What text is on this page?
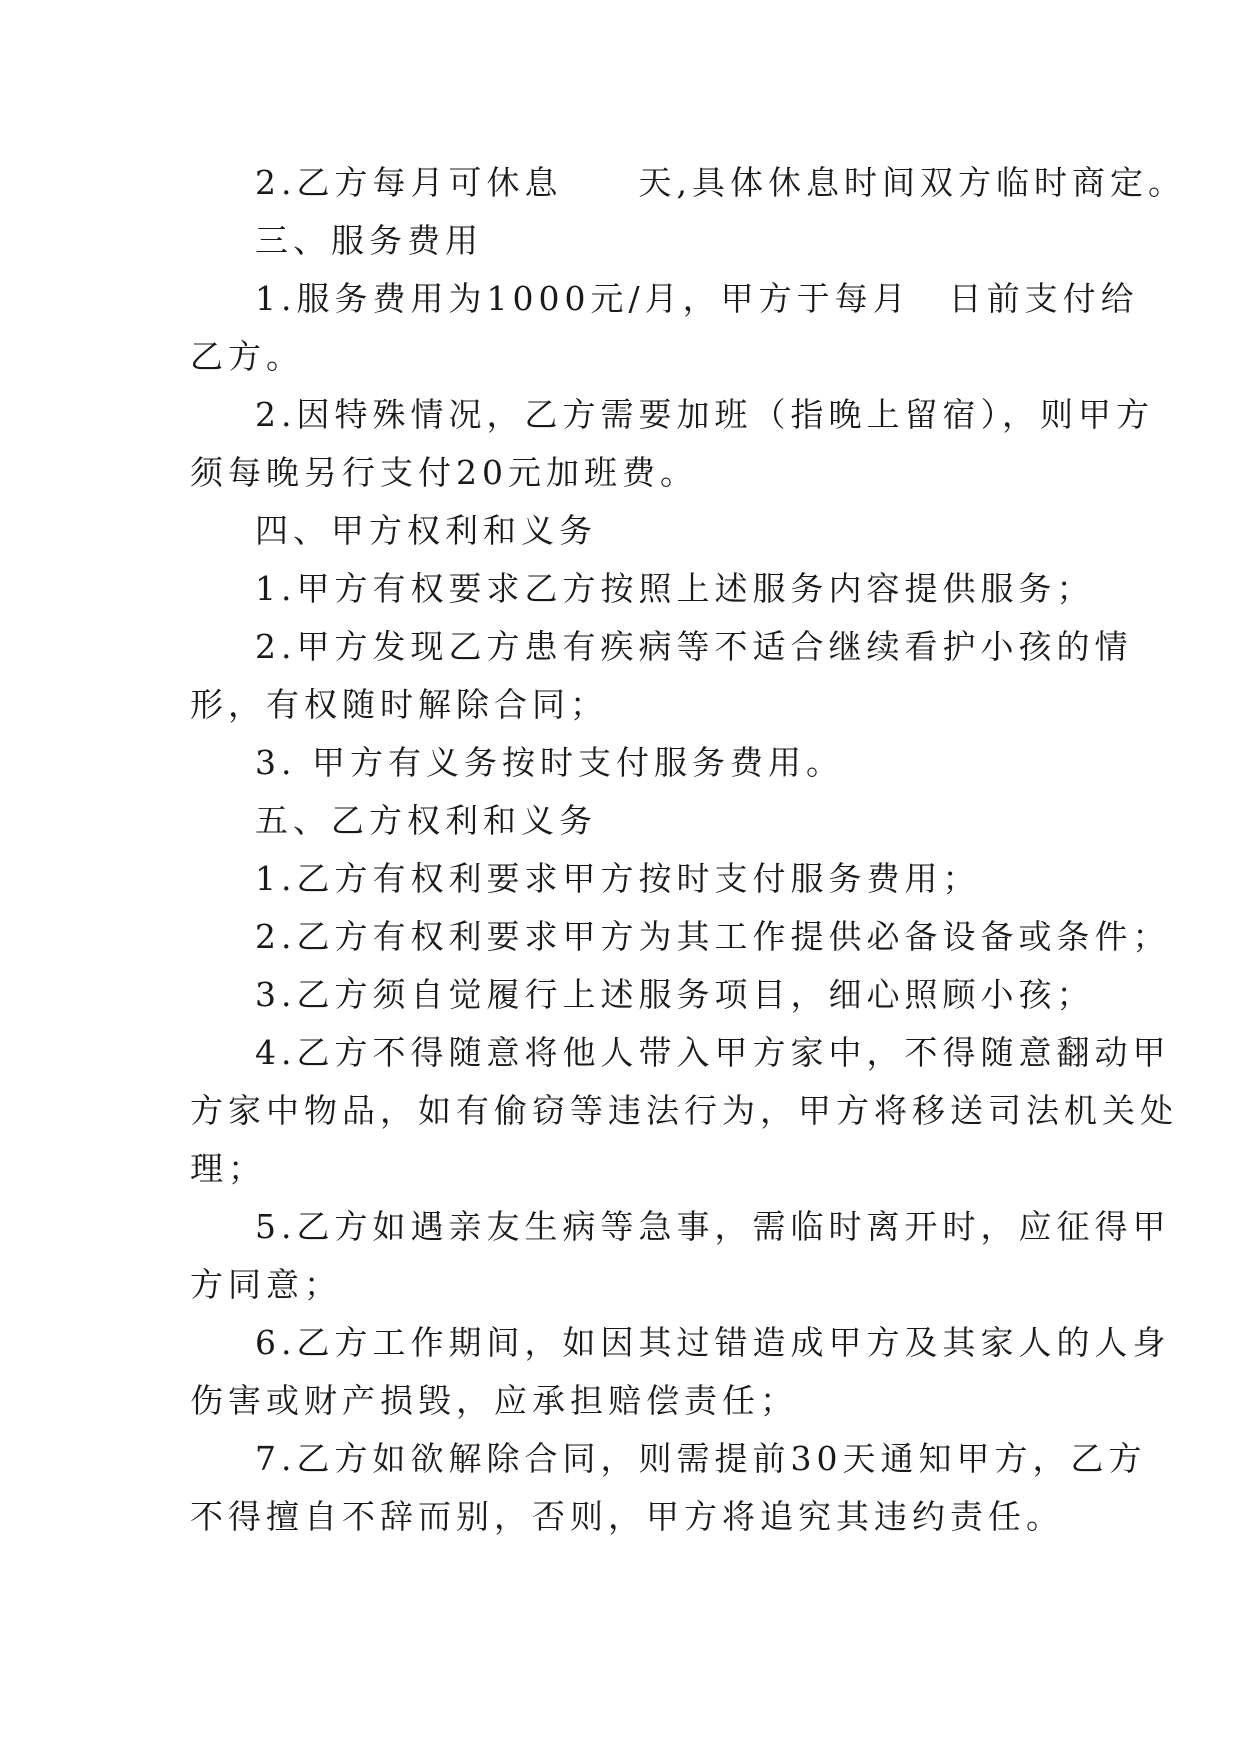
2.乙方每月可休息　　天,具体休息时间双方临时商定。
三、服务费用
1.服务费用为1000元/月，甲方于每月　日前支付给
乙方。
2.因特殊情况，乙方需要加班（指晚上留宿），则甲方
须每晚另行支付20元加班费。
四、甲方权利和义务
1.甲方有权要求乙方按照上述服务内容提供服务；
2.甲方发现乙方患有疾病等不适合继续看护小孩的情
形，有权随时解除合同；
3. 甲方有义务按时支付服务费用。
五、乙方权利和义务
1.乙方有权利要求甲方按时支付服务费用；
2.乙方有权利要求甲方为其工作提供必备设备或条件；
3.乙方须自觉履行上述服务项目，细心照顾小孩；
4.乙方不得随意将他人带入甲方家中，不得随意翻动甲
方家中物品，如有偷窃等违法行为，甲方将移送司法机关处
理；
5.乙方如遇亲友生病等急事，需临时离开时，应征得甲
方同意；
6.乙方工作期间，如因其过错造成甲方及其家人的人身
伤害或财产损毁，应承担赔偿责任；
7.乙方如欲解除合同，则需提前30天通知甲方，乙方
不得擅自不辞而别，否则，甲方将追究其违约责任。
